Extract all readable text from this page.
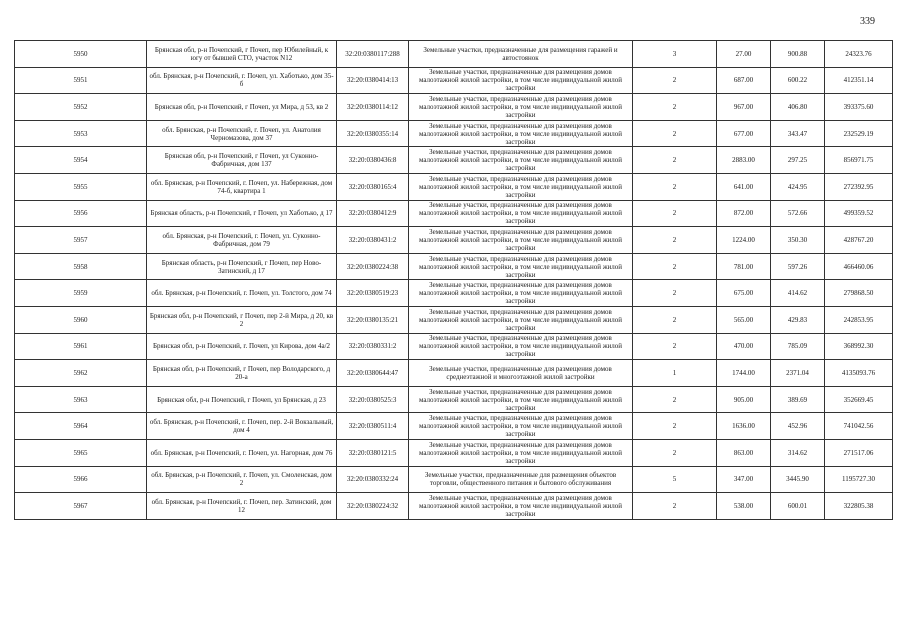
339
5950	Брянская обл, р-н Почепский, г Почеп, пер Юбилейный, к югу от бывшей СТО, участок N12	32:20:0380117:288	Земельные участки, предназначенные для размещения гаражей и автостоянок	3	27.00	900.88	24323.76
5951	обл. Брянская, р-н Почепский, г. Почеп, ул. Хаботько, дом 35-б	32:20:0380414:13	Земельные участки, предназначенные для размещения домов малоэтажной жилой застройки, в том числе индивидуальной жилой застройки	2	687.00	600.22	412351.14
5952	Брянская обл, р-н Почепский, г Почеп, ул Мира, д 53, кв 2	32:20:0380114:12	Земельные участки, предназначенные для размещения домов малоэтажной жилой застройки, в том числе индивидуальной жилой застройки	2	967.00	406.80	393375.60
5953	обл. Брянская, р-н Почепский, г. Почеп, ул. Анатолия Черномазова, дом 37	32:20:0380355:14	Земельные участки, предназначенные для размещения домов малоэтажной жилой застройки, в том числе индивидуальной жилой застройки	2	677.00	343.47	232529.19
5954	Брянская обл, р-н Почепский, г Почеп, ул Суконно-Фабричная, дом 137	32:20:0380436:8	Земельные участки, предназначенные для размещения домов малоэтажной жилой застройки, в том числе индивидуальной жилой застройки	2	2883.00	297.25	856971.75
5955	обл. Брянская, р-н Почепский, г. Почеп, ул. Набережная, дом 74-б, квартира 1	32:20:0380165:4	Земельные участки, предназначенные для размещения домов малоэтажной жилой застройки, в том числе индивидуальной жилой застройки	2	641.00	424.95	272392.95
5956	Брянская область, р-н Почепский, г Почеп, ул Хаботько, д 17	32:20:0380412:9	Земельные участки, предназначенные для размещения домов малоэтажной жилой застройки, в том числе индивидуальной жилой застройки	2	872.00	572.66	499359.52
5957	обл. Брянская, р-н Почепский, г. Почеп, ул. Суконно-Фабричная, дом 79	32:20:0380431:2	Земельные участки, предназначенные для размещения домов малоэтажной жилой застройки, в том числе индивидуальной жилой застройки	2	1224.00	350.30	428767.20
5958	Брянская область, р-н Почепский, г Почеп, пер Ново-Затинский, д 17	32:20:0380224:38	Земельные участки, предназначенные для размещения домов малоэтажной жилой застройки, в том числе индивидуальной жилой застройки	2	781.00	597.26	466460.06
5959	обл. Брянская, р-н Почепский, г. Почеп, ул. Толстого, дом 74	32:20:0380519:23	Земельные участки, предназначенные для размещения домов малоэтажной жилой застройки, в том числе индивидуальной жилой застройки	2	675.00	414.62	279868.50
5960	Брянская обл, р-н Почепский, г Почеп, пер 2-й Мира, д 20, кв 2	32:20:0380135:21	Земельные участки, предназначенные для размещения домов малоэтажной жилой застройки, в том числе индивидуальной жилой застройки	2	565.00	429.83	242853.95
5961	Брянская обл, р-н Почепский, г. Почеп, ул Кирова, дом 4а/2	32:20:0380331:2	Земельные участки, предназначенные для размещения домов малоэтажной жилой застройки, в том числе индивидуальной жилой застройки	2	470.00	785.09	368992.30
5962	Брянская обл, р-н Почепский, г Почеп, пер Володарского, д 20-а	32:20:0380644:47	Земельные участки, предназначенные для размещения домов среднеэтажной и многоэтажной жилой застройки	1	1744.00	2371.04	4135093.76
5963	Брянская обл, р-н Почепский, г Почеп, ул Брянская, д 23	32:20:0380525:3	Земельные участки, предназначенные для размещения домов малоэтажной жилой застройки, в том числе индивидуальной жилой застройки	2	905.00	389.69	352669.45
5964	обл. Брянская, р-н Почепский, г. Почеп, пер. 2-й Вокзальный, дом 4	32:20:0380511:4	Земельные участки, предназначенные для размещения домов малоэтажной жилой застройки, в том числе индивидуальной жилой застройки	2	1636.00	452.96	741042.56
5965	обл. Брянская, р-н Почепский, г. Почеп, ул. Нагорная, дом 76	32:20:0380121:5	Земельные участки, предназначенные для размещения домов малоэтажной жилой застройки, в том числе индивидуальной жилой застройки	2	863.00	314.62	271517.06
5966	обл. Брянская, р-н Почепский, г. Почеп, ул. Смоленская, дом 2	32:20:0380332:24	Земельные участки, предназначенные для размещения объектов торговли, общественного питания и бытового обслуживания	5	347.00	3445.90	1195727.30
5967	обл. Брянская, р-н Почепский, г. Почеп, пер. Затинский, дом 12	32:20:0380224:32	Земельные участки, предназначенные для размещения домов малоэтажной жилой застройки, в том числе индивидуальной жилой застройки	2	538.00	600.01	322805.38
